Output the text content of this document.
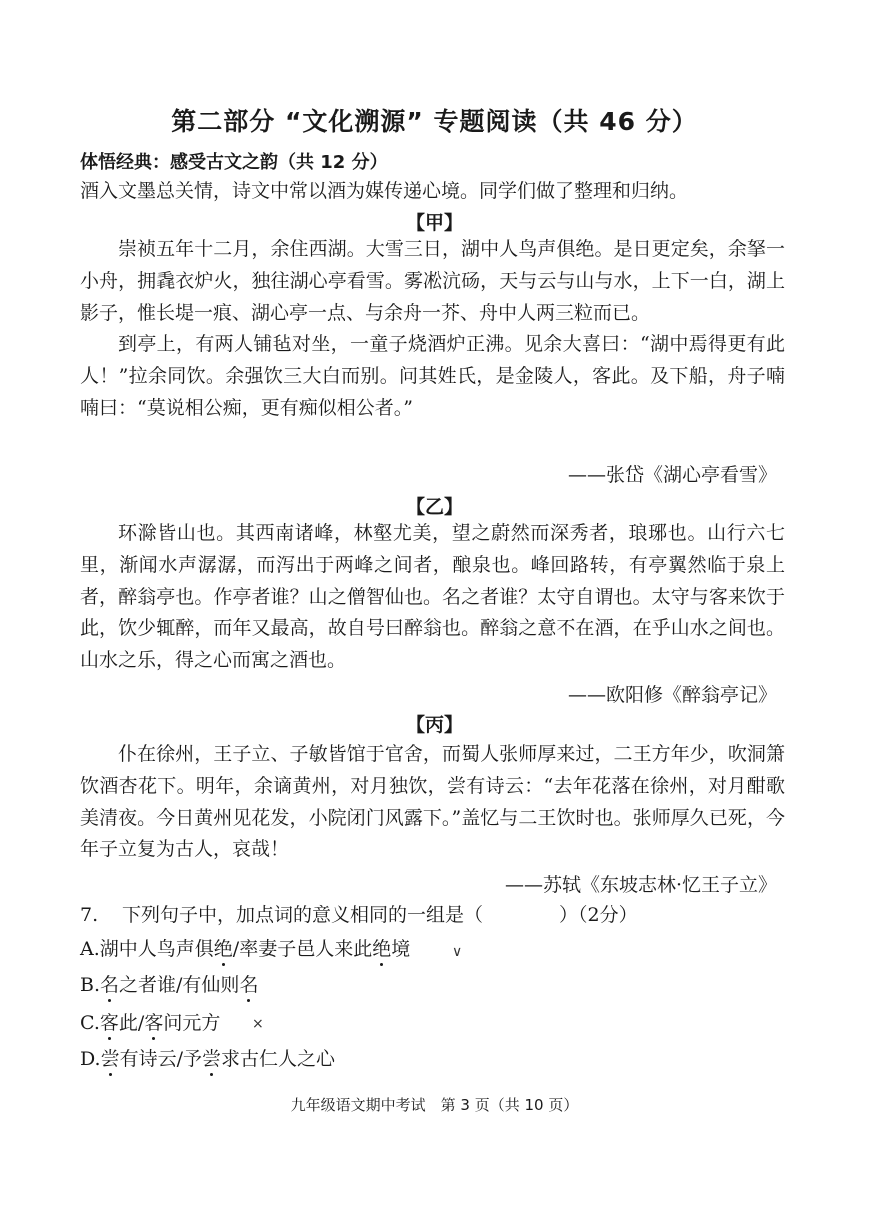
第二部分 “文化溯源” 专题阅读（共 46 分）
体悟经典：感受古文之韵（共 12 分）
酒入文墨总关情，诗文中常以酒为媒传递心境。同学们做了整理和归纳。
【甲】

崇祯五年十二月，余住西湖。大雪三日，湖中人鸟声俱绝。是日更定矣，余拏一小舟，拥毳衣炉火，独往湖心亭看雪。雾凇沆砀，天与云与山与水，上下一白，湖上影子，惟长堤一痕、湖心亭一点、与余舟一芥、舟中人两三粒而已。

到亭上，有两人铺毡对坐，一童子烧酒炉正沸。见余大喜曰：“湖中焉得更有此人！”拉余同饮。余强饮三大白而别。问其姓氏，是金陵人，客此。及下船，舟子喃喃曰：“莫说相公痴，更有痴似相公者。”

——张岱《湖心亭看雪》
【乙】

环滁皆山也。其西南诸峰，林壑尤美，望之蔚然而深秀者，琅琊也。山行六七里，渐闻水声潺潺，而泻出于两峰之间者，酿泉也。峰回路转，有亭翼然临于泉上者，醉翁亭也。作亭者谁？山之僧智仙也。名之者谁？太守自谓也。太守与客来饮于此，饮少辄醉，而年又最高，故自号曰醉翁也。醉翁之意不在酒，在乎山水之间也。山水之乐，得之心而寓之酒也。

——欧阳修《醉翁亭记》
【丙】

仆在徐州，王子立、子敏皆馆于官舍，而蜀人张师厚来过，二王方年少，吹洞箫饮酒杏花下。明年，余谪黄州，对月独饮，尝有诗云：“去年花落在徐州，对月酣歌美清夜。今日黄州见花发，小院闭门风露下。”盖忆与二王饮时也。张师厚久已死，今年子立复为古人，哀哉！

——苏轼《东坡志林·忆王子立》
7. 下列句子中，加点词的意义相同的一组是（　　　　）（2分）
A.湖中人鸟声俱绝/率妻子邑人来此绝境	∨
B.名之者谁/有仙则名
C.客此/客问元方 ×
D.尝有诗云/予尝求古仁人之心
九年级语文期中考试　第 3 页（共 10 页）
